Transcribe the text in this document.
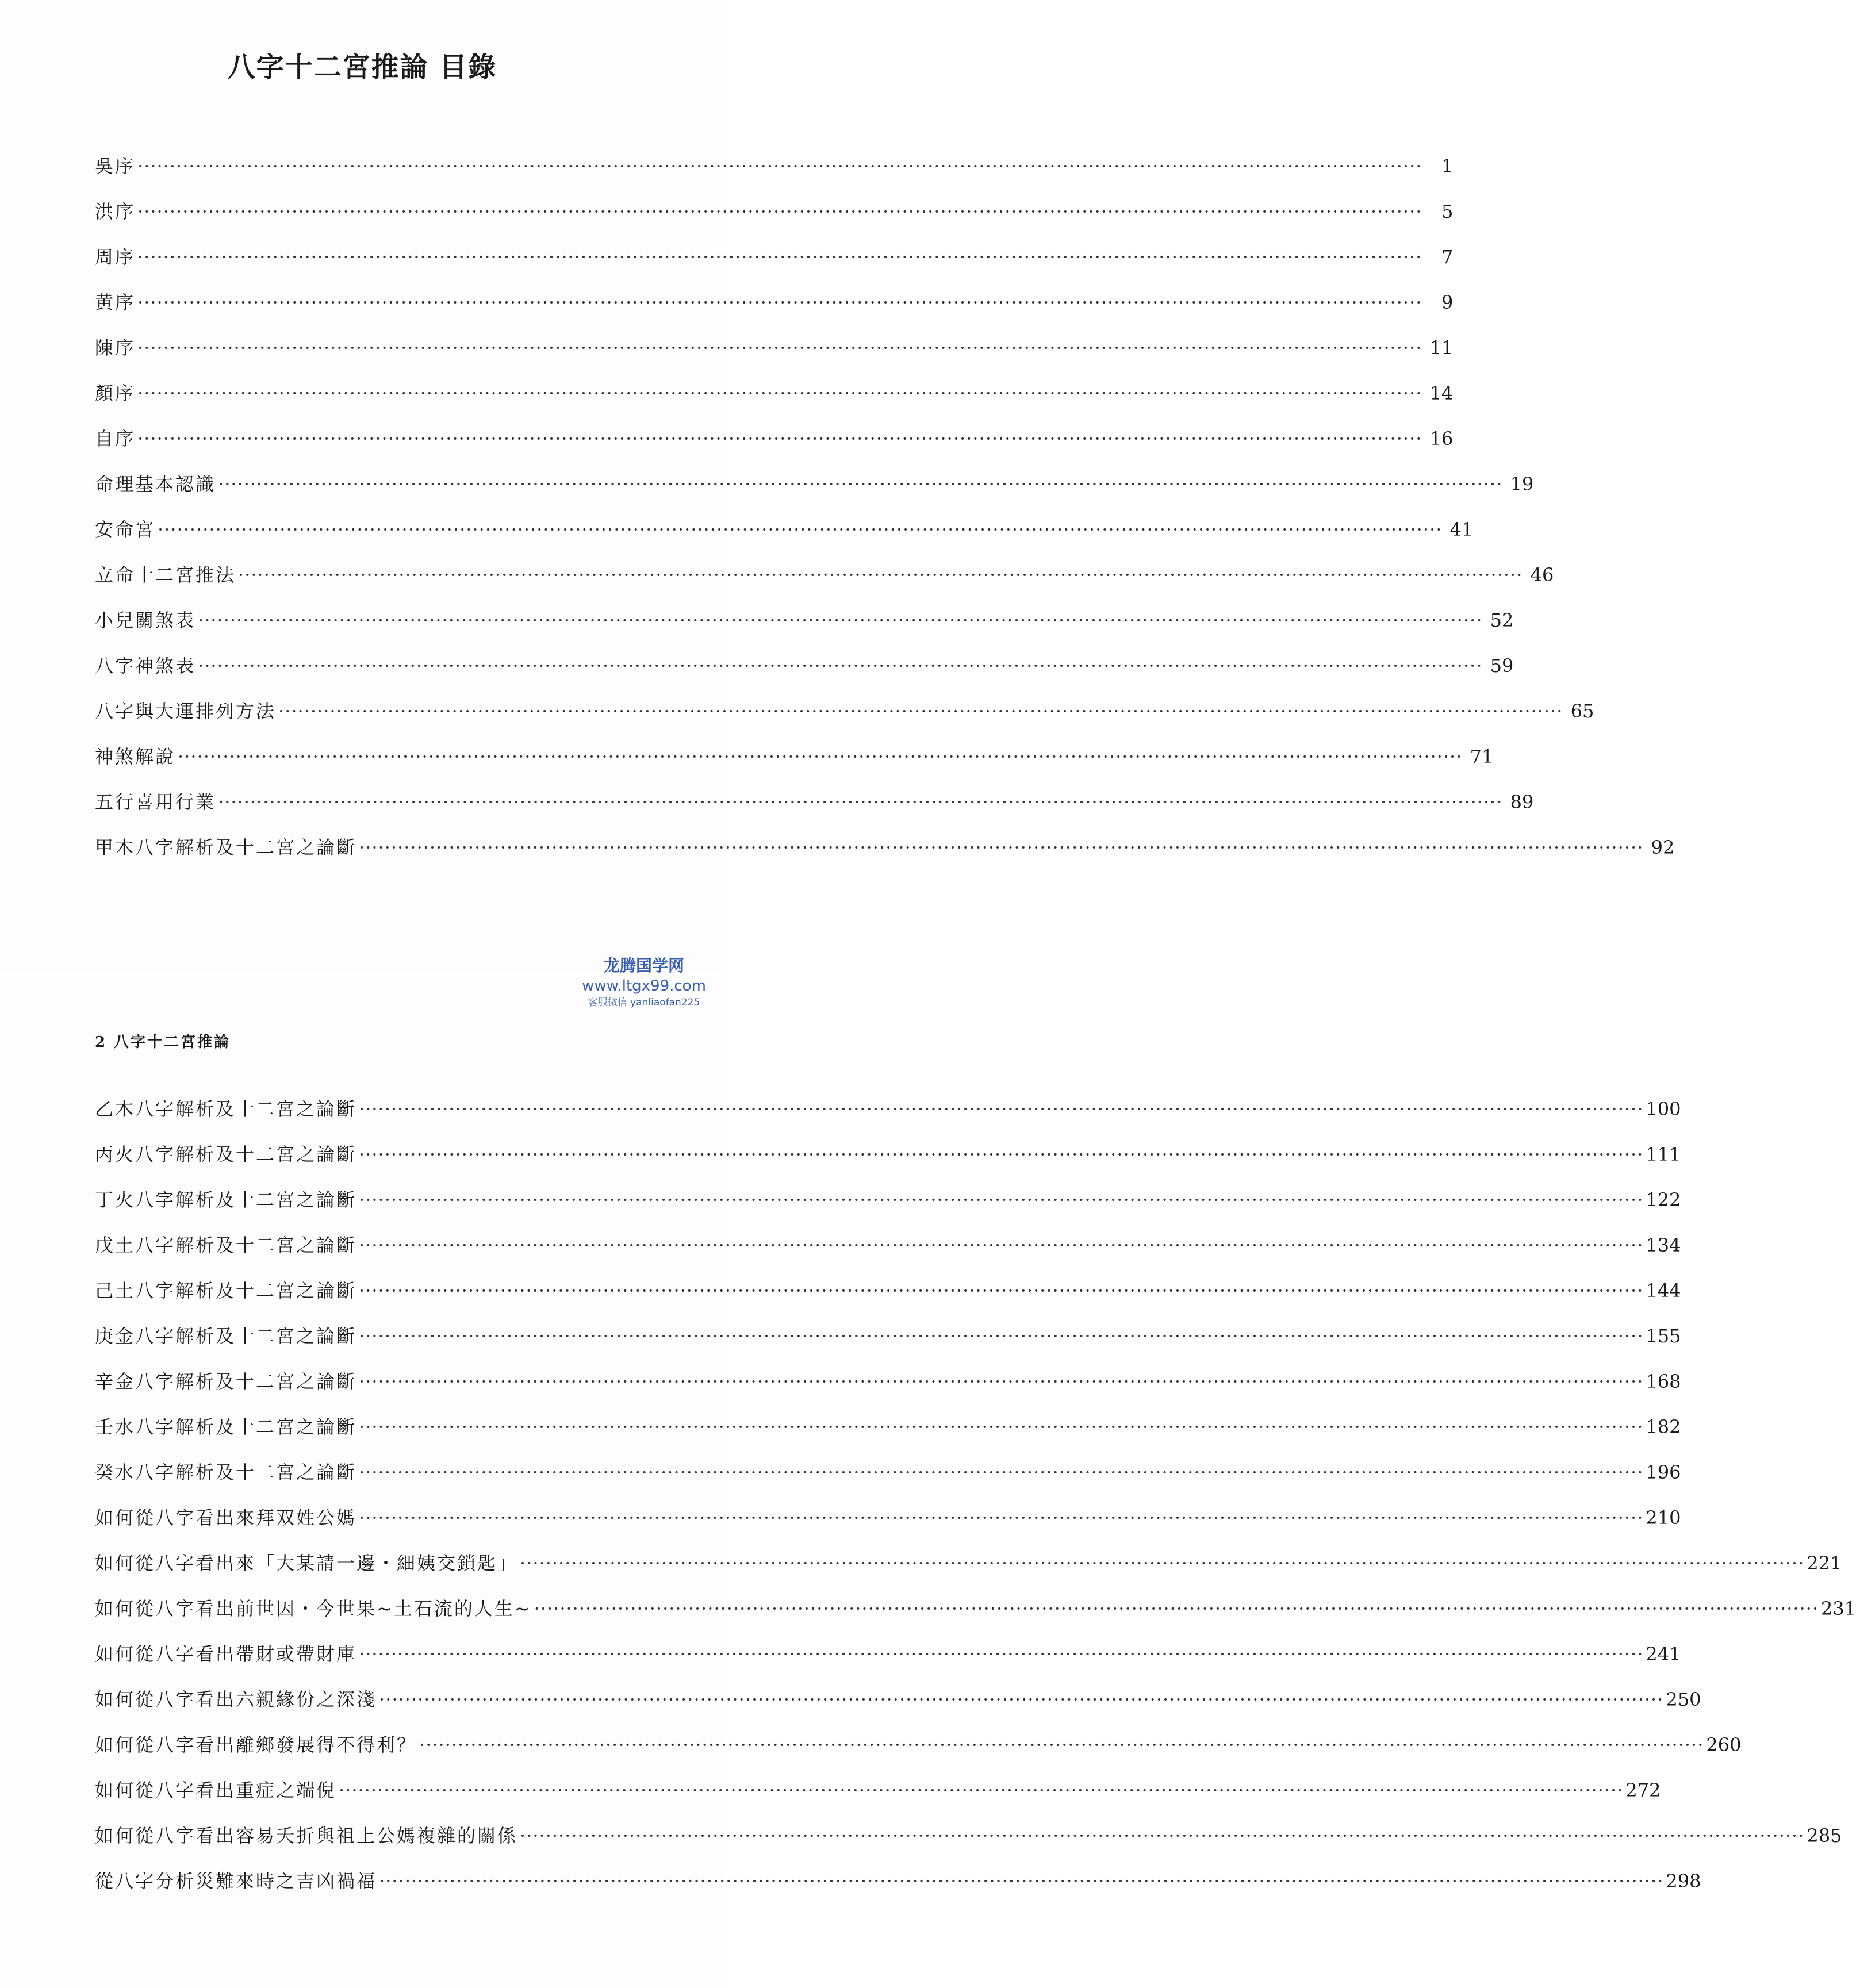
八字十二宮推論 目錄
吳序 ········································································································································································································	1
洪序 ········································································································································································································	5
周序 ········································································································································································································	7
黄序 ········································································································································································································	9
陳序 ········································································································································································································ 11
顏序 ········································································································································································································ 14
自序 ········································································································································································································ 16
命理基本認識 ········································································································································································································ 19
安命宮 ········································································································································································································ 41
立命十二宮推法 ········································································································································································································ 46
小兒關煞表 ········································································································································································································ 52
八字神煞表 ········································································································································································································ 59
八字與大運排列方法 ········································································································································································································ 65
神煞解說 ········································································································································································································ 71
五行喜用行業 ········································································································································································································ 89
甲木八字解析及十二宮之論斷 ········································································································································································································ 92
龙腾国学网
www.ltgx99.com
客服微信 yanliaofan225
2 八字十二宮推論
乙木八字解析及十二宮之論斷 ········································································································································································································ 100
丙火八字解析及十二宮之論斷 ········································································································································································································ 111
丁火八字解析及十二宮之論斷 ········································································································································································································ 122
戊土八字解析及十二宮之論斷 ········································································································································································································ 134
己土八字解析及十二宮之論斷 ········································································································································································································ 144
庚金八字解析及十二宮之論斷 ········································································································································································································ 155
辛金八字解析及十二宮之論斷 ········································································································································································································ 168
壬水八字解析及十二宮之論斷 ········································································································································································································ 182
癸水八字解析及十二宮之論斷 ········································································································································································································ 196
如何從八字看出來拜双姓公媽 ········································································································································································································ 210
如何從八字看出來「大某請一邊・細姨交鎖匙」 ········································································································································································································ 221
如何從八字看出前世因・今世果~土石流的人生~ ········································································································································································································ 231
如何從八字看出帶財或帶財庫 ········································································································································································································ 241
如何從八字看出六親緣份之深淺 ········································································································································································································ 250
如何從八字看出離鄉發展得不得利？ ········································································································································································································ 260
如何從八字看出重症之端倪 ········································································································································································································ 272
如何從八字看出容易夭折與祖上公媽複雜的關係 ········································································································································································································ 285
從八字分析災難來時之吉凶禍福 ········································································································································································································ 298
